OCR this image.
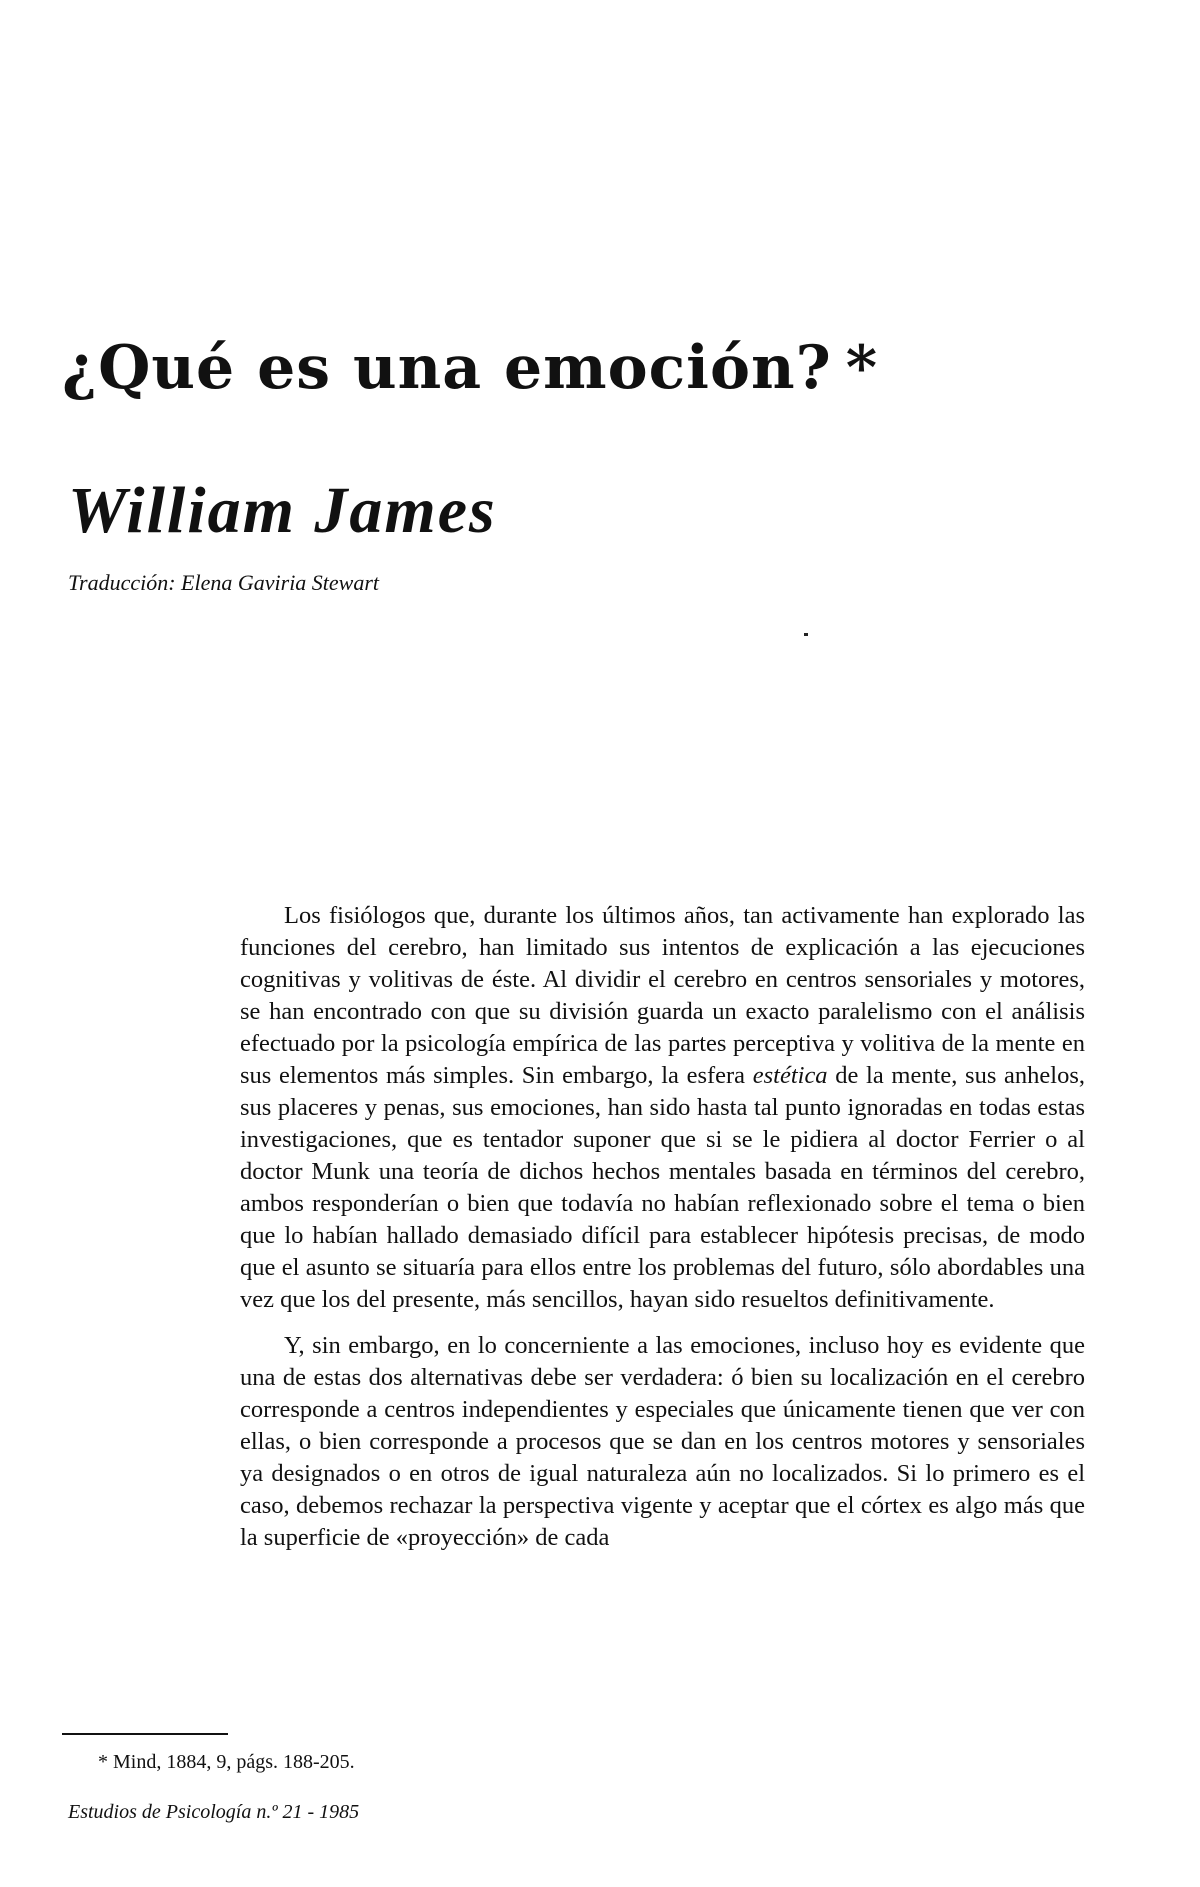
¿Qué es una emoción? *
William James

Traducción: Elena Gaviria Stewart

Los fisiólogos que, durante los últimos años, tan activamente han explorado las funciones del cerebro, han limitado sus intentos de explicación a las ejecuciones cognitivas y volitivas de éste. Al dividir el cerebro en centros sensoriales y motores, se han encontrado con que su división guarda un exacto paralelismo con el análisis efectuado por la psicología empírica de las partes perceptiva y volitiva de la mente en sus elementos más simples. Sin embargo, la esfera estética de la mente, sus anhelos, sus placeres y penas, sus emociones, han sido hasta tal punto ignoradas en todas estas investigaciones, que es tentador suponer que si se le pidiera al doctor Ferrier o al doctor Munk una teoría de dichos hechos mentales basada en términos del cerebro, ambos responderían o bien que todavía no habían reflexionado sobre el tema o bien que lo habían hallado demasiado difícil para establecer hipótesis precisas, de modo que el asunto se situaría para ellos entre los problemas del futuro, sólo abordables una vez que los del presente, más sencillos, hayan sido resueltos definitivamente.

Y, sin embargo, en lo concerniente a las emociones, incluso hoy es evidente que una de estas dos alternativas debe ser verdadera: ó bien su localización en el cerebro corresponde a centros independientes y especiales que únicamente tienen que ver con ellas, o bien corresponde a procesos que se dan en los centros motores y sensoriales ya designados o en otros de igual naturaleza aún no localizados. Si lo primero es el caso, debemos rechazar la perspectiva vigente y aceptar que el córtex es algo más que la superficie de «proyección» de cada

* Mind, 1884, 9, págs. 188-205.

Estudios de Psicología n.º 21 - 1985
